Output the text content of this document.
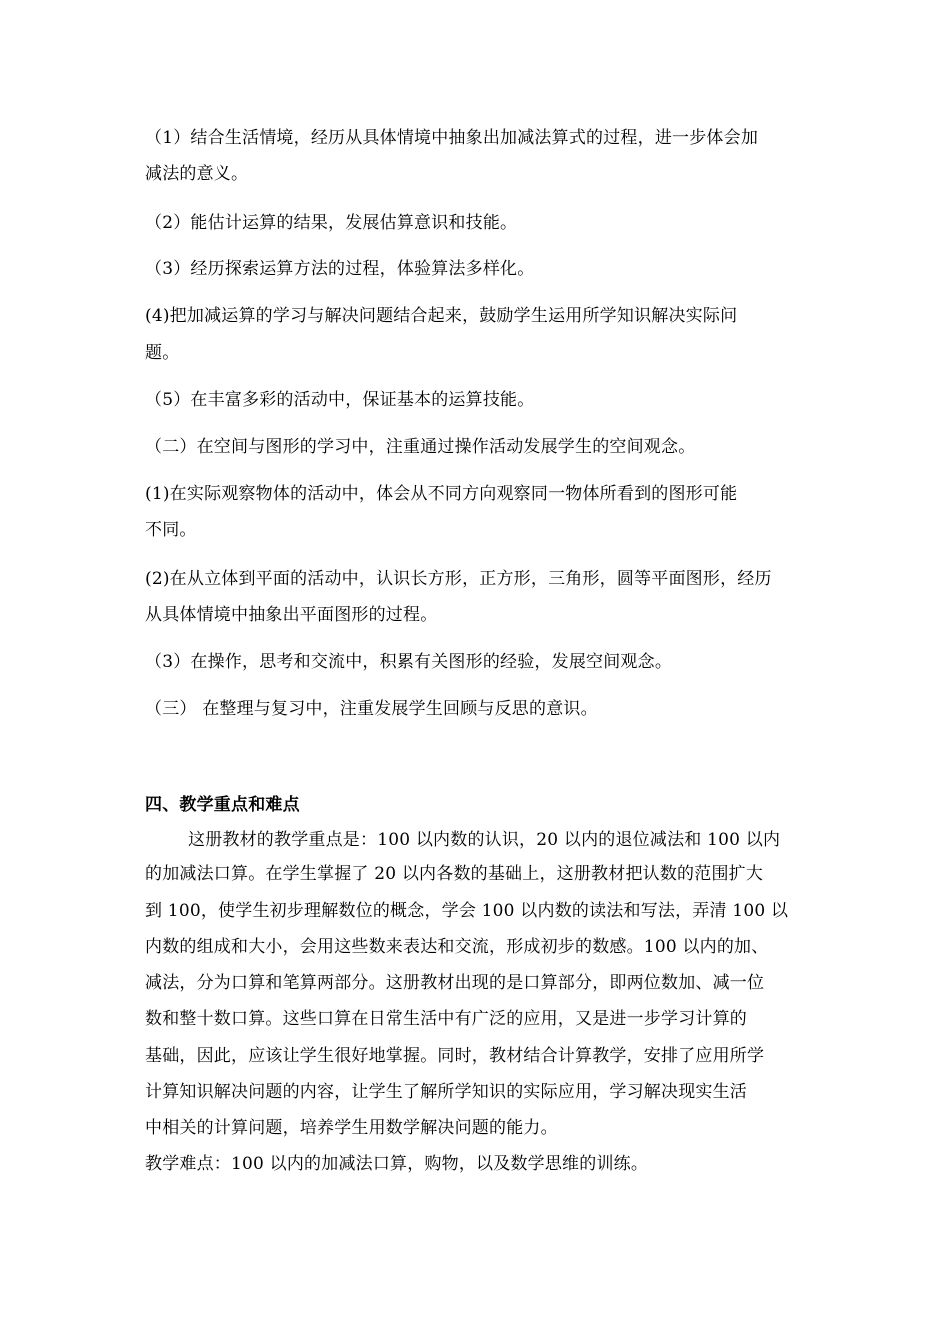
（1）结合生活情境，经历从具体情境中抽象出加减法算式的过程，进一步体会加
减法的意义。
（2）能估计运算的结果，发展估算意识和技能。
（3）经历探索运算方法的过程，体验算法多样化。
(4)把加减运算的学习与解决问题结合起来，鼓励学生运用所学知识解决实际问
题。
（5）在丰富多彩的活动中，保证基本的运算技能。
（二）在空间与图形的学习中，注重通过操作活动发展学生的空间观念。
(1)在实际观察物体的活动中，体会从不同方向观察同一物体所看到的图形可能
不同。
(2)在从立体到平面的活动中，认识长方形，正方形，三角形，圆等平面图形，经历
从具体情境中抽象出平面图形的过程。
（3）在操作，思考和交流中，积累有关图形的经验，发展空间观念。
（三） 在整理与复习中，注重发展学生回顾与反思的意识。
四、教学重点和难点
这册教材的教学重点是：100 以内数的认识，20 以内的退位减法和 100 以内
的加减法口算。在学生掌握了 20 以内各数的基础上，这册教材把认数的范围扩大
到 100，使学生初步理解数位的概念，学会 100 以内数的读法和写法，弄清 100 以
内数的组成和大小，会用这些数来表达和交流，形成初步的数感。100 以内的加、
减法，分为口算和笔算两部分。这册教材出现的是口算部分，即两位数加、减一位
数和整十数口算。这些口算在日常生活中有广泛的应用，又是进一步学习计算的
基础，因此，应该让学生很好地掌握。同时，教材结合计算教学，安排了应用所学
计算知识解决问题的内容，让学生了解所学知识的实际应用，学习解决现实生活
中相关的计算问题，培养学生用数学解决问题的能力。
教学难点：100 以内的加减法口算，购物，以及数学思维的训练。
